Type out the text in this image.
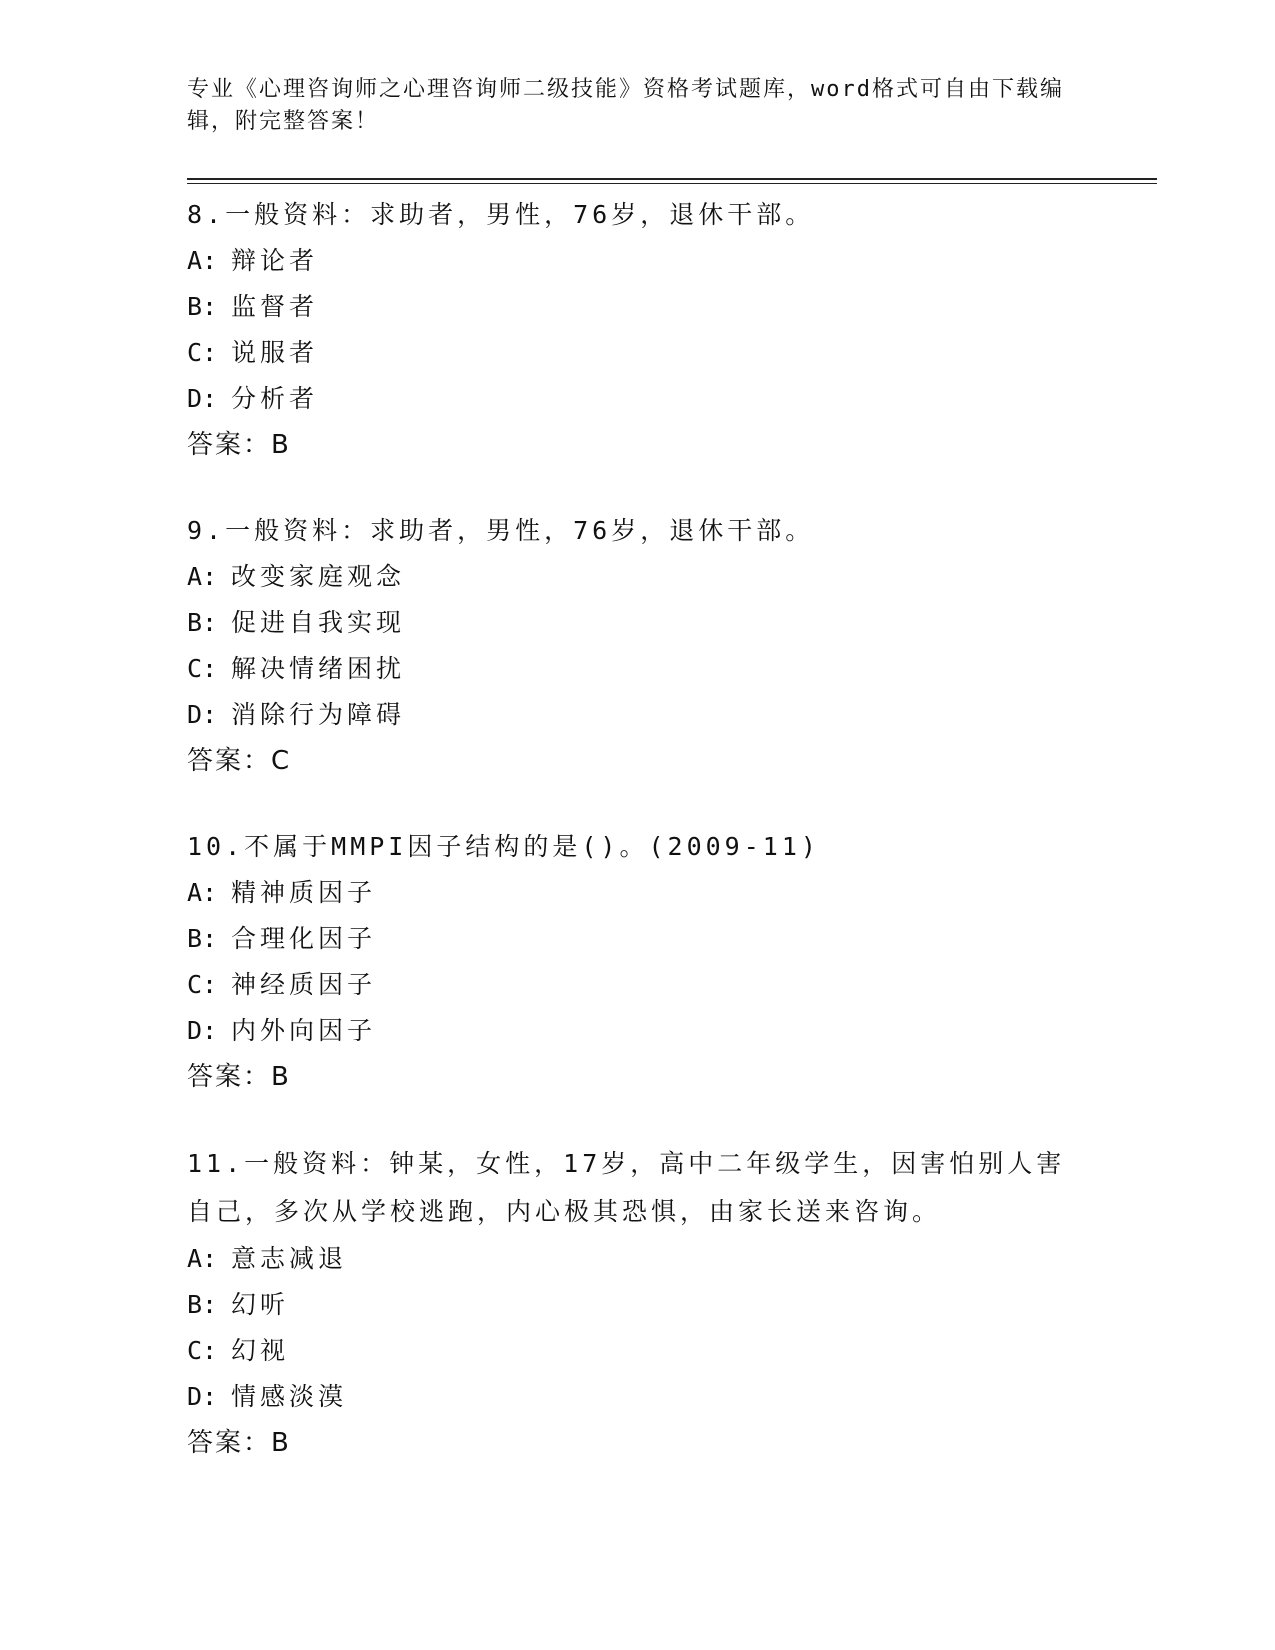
专业《心理咨询师之心理咨询师二级技能》资格考试题库，word格式可自由下载编辑，附完整答案！
8.一般资料：求助者，男性，76岁，退休干部。
A: 辩论者
B: 监督者
C: 说服者
D: 分析者
答案：B
9.一般资料：求助者，男性，76岁，退休干部。
A: 改变家庭观念
B: 促进自我实现
C: 解决情绪困扰
D: 消除行为障碍
答案：C
10.不属于MMPI因子结构的是()。(2009-11)
A: 精神质因子
B: 合理化因子
C: 神经质因子
D: 内外向因子
答案：B
11.一般资料：钟某，女性，17岁，高中二年级学生，因害怕别人害自己，多次从学校逃跑，内心极其恐惧，由家长送来咨询。
A: 意志减退
B: 幻听
C: 幻视
D: 情感淡漠
答案：B
